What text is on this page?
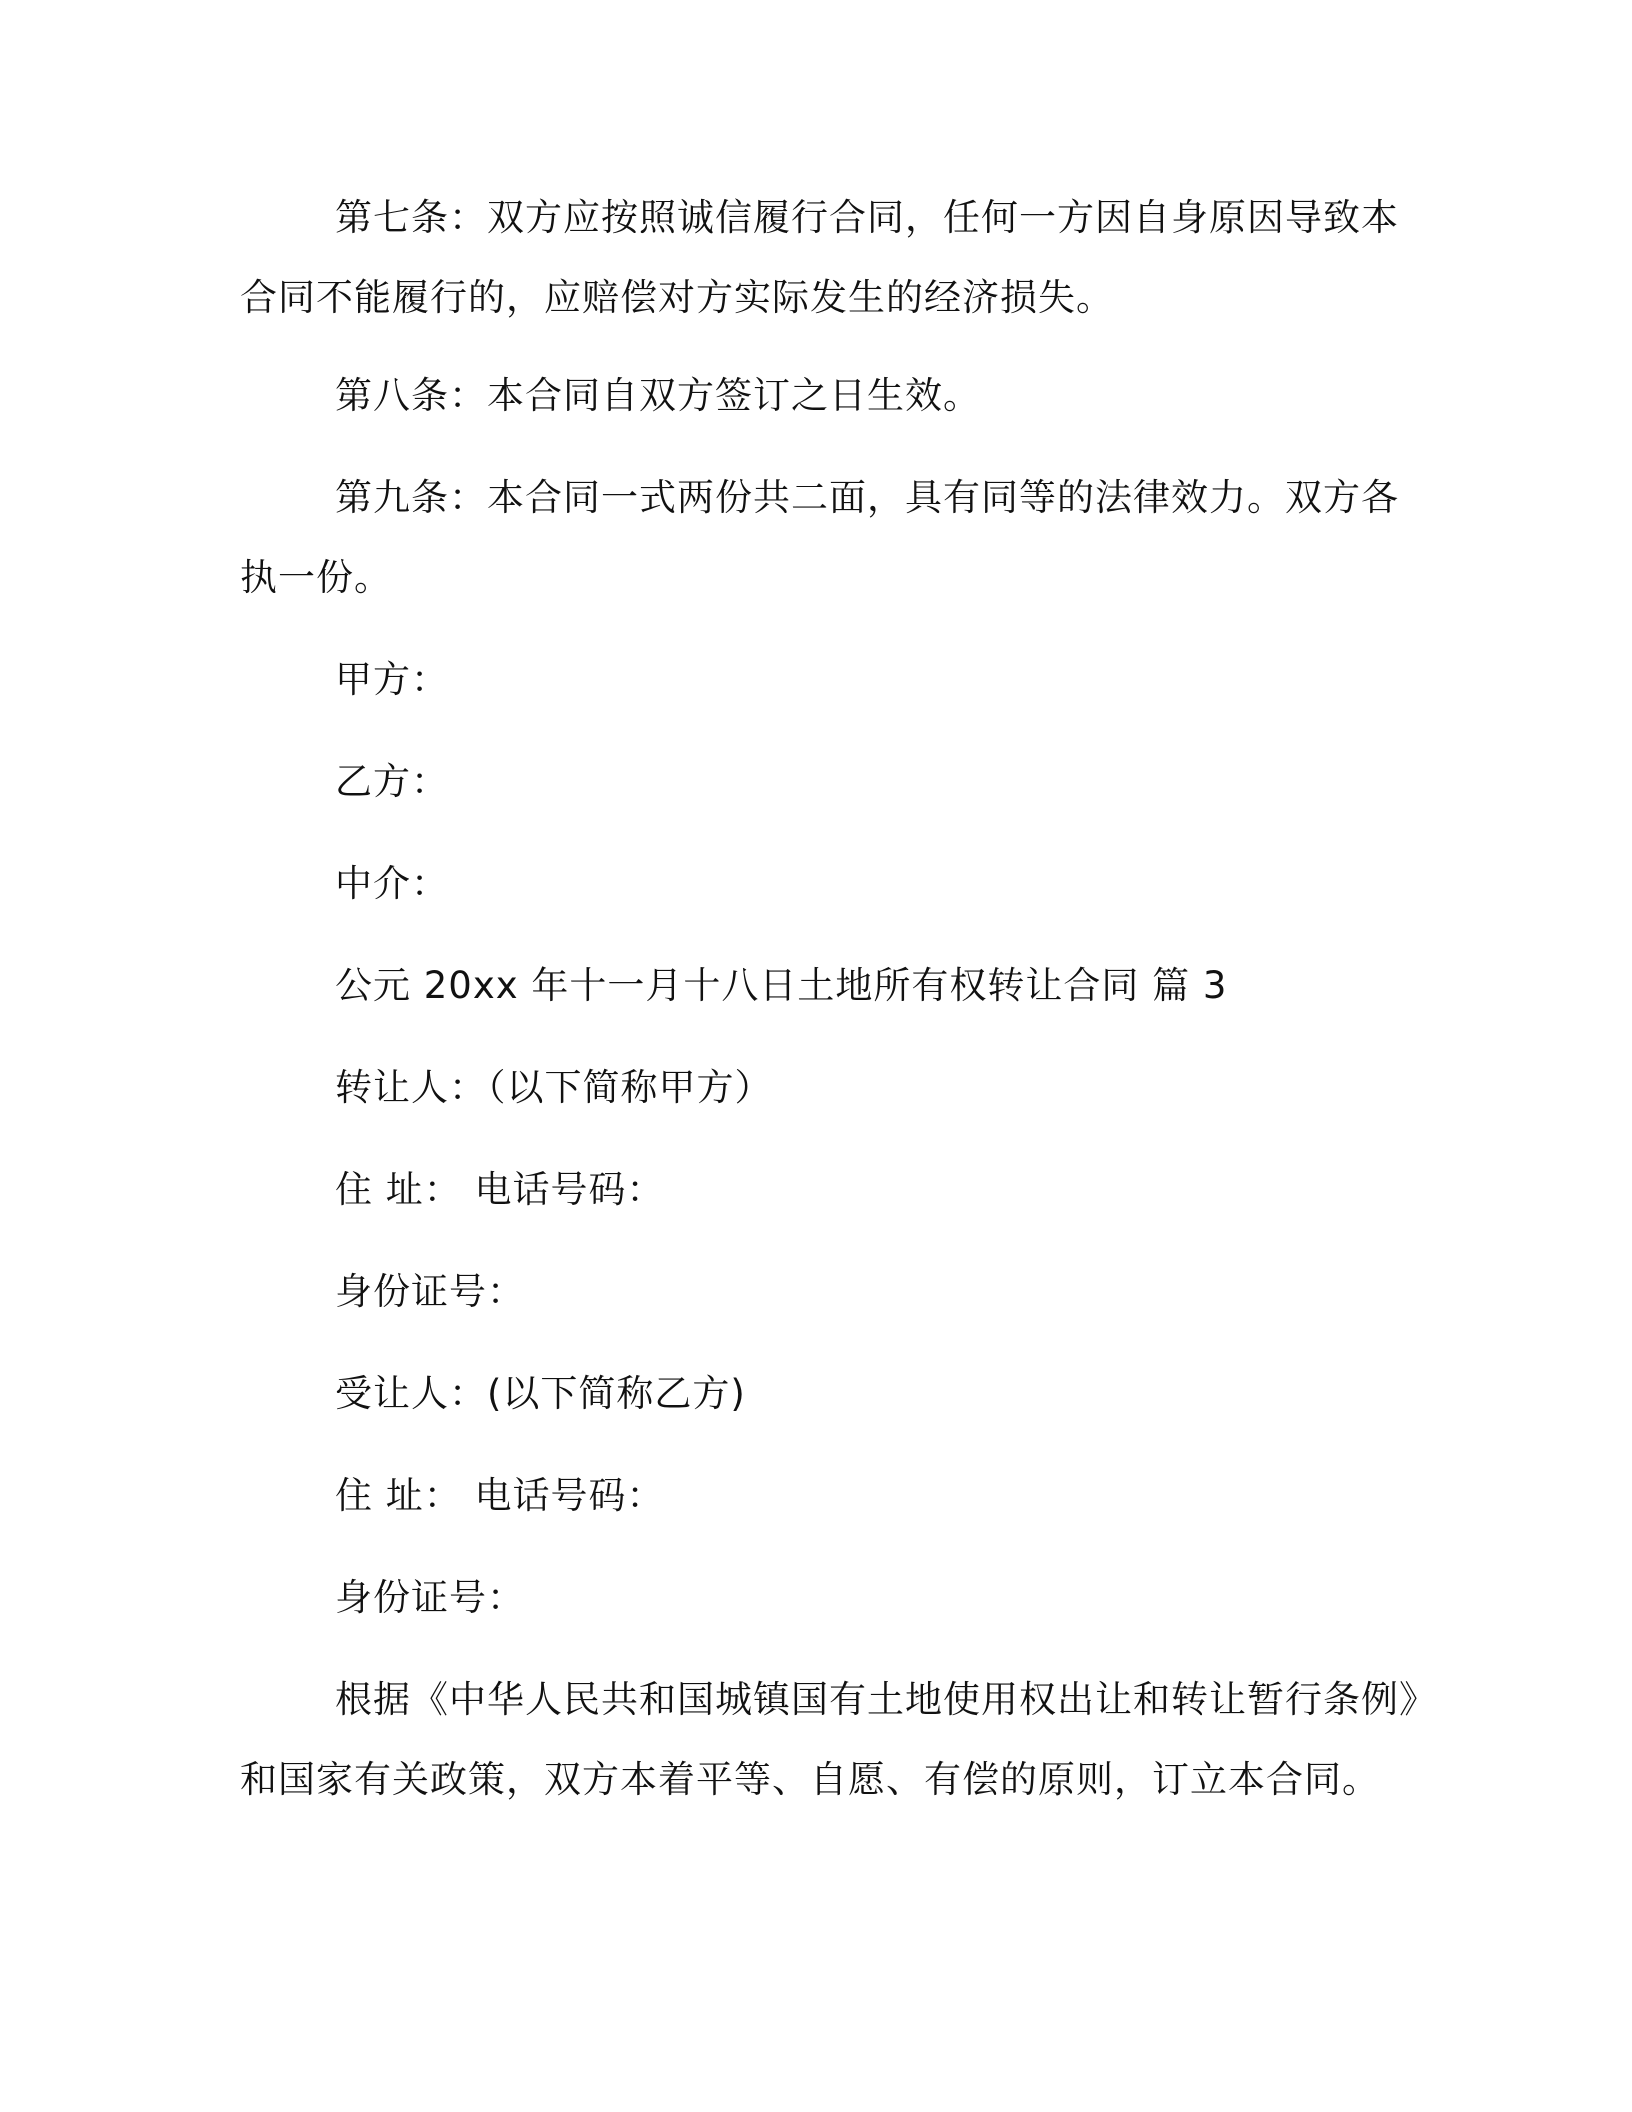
第七条：双方应按照诚信履行合同，任何一方因自身原因导致本
合同不能履行的，应赔偿对方实际发生的经济损失。
第八条：本合同自双方签订之日生效。
第九条：本合同一式两份共二面，具有同等的法律效力。双方各
执一份。
甲方：
乙方：
中介：
公元 20xx 年十一月十八日土地所有权转让合同 篇 3
转让人：（以下简称甲方）
住 址： 电话号码：
身份证号：
受让人：(以下简称乙方)
住 址： 电话号码：
身份证号：
根据《中华人民共和国城镇国有土地使用权出让和转让暂行条例》
和国家有关政策，双方本着平等、自愿、有偿的原则，订立本合同。
